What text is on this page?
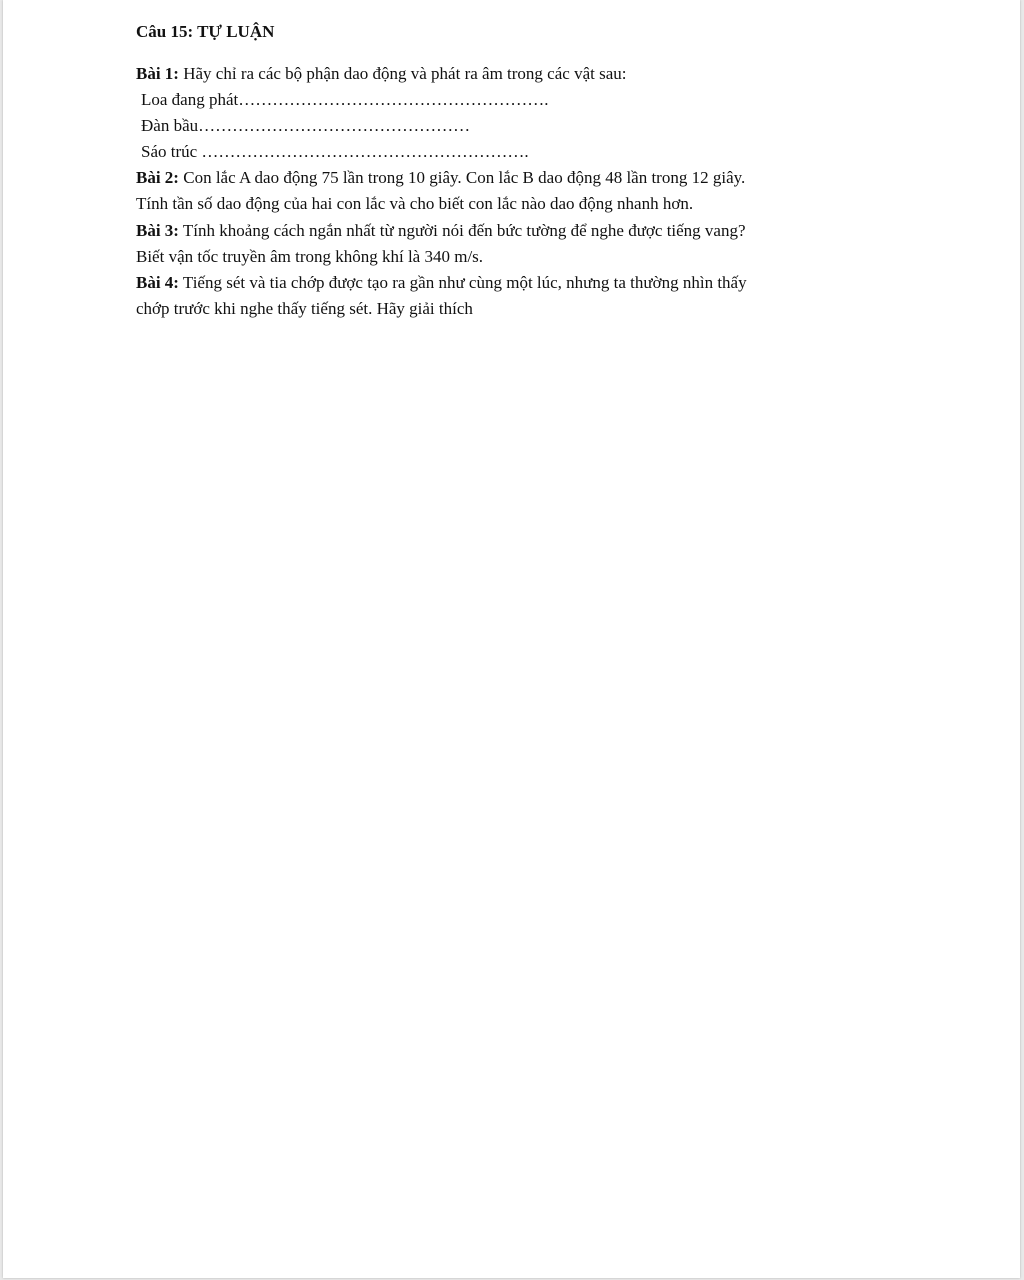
Câu 15: TỰ LUẬN

Bài 1: Hãy chỉ ra các bộ phận dao động và phát ra âm trong các vật sau:

Loa đang phát……………………………………………….

Đàn bầu…………………………………………

Sáo trúc ………………………………………………….

Bài 2: Con lắc A dao động 75 lần trong 10 giây. Con lắc B dao động 48 lần trong 12 giây.

Tính tần số dao động của hai con lắc và cho biết con lắc nào dao động nhanh hơn.

Bài 3: Tính khoảng cách ngắn nhất từ người nói đến bức tường để nghe được tiếng vang?

Biết vận tốc truyền âm trong không khí là 340 m/s.

Bài 4: Tiếng sét và tia chớp được tạo ra gần như cùng một lúc, nhưng ta thường nhìn thấy

chớp trước khi nghe thấy tiếng sét. Hãy giải thích
